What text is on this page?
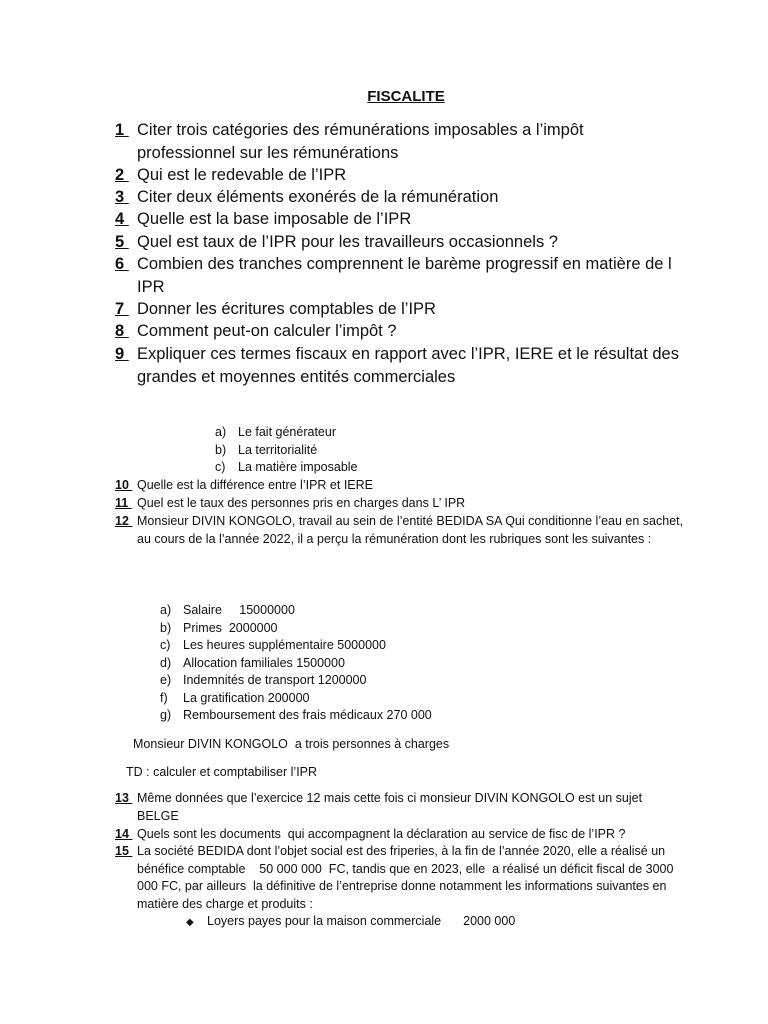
FISCALITE
1 Citer trois catégories des rémunérations imposables a l’impôt professionnel sur les rémunérations
2 Qui est le redevable de l’IPR
3 Citer deux éléments exonérés de la rémunération
4 Quelle est la base imposable de l’IPR
5 Quel est taux de l’IPR pour les travailleurs occasionnels ?
6 Combien des tranches comprennent le barème progressif en matière de l IPR
7 Donner les écritures comptables de l’IPR
8 Comment peut-on calculer l’impôt ?
9 Expliquer ces termes fiscaux en rapport avec l’IPR, IERE et le résultat des grandes et moyennes entités commerciales
a) Le fait générateur
b) La territorialité
c)	La matière imposable
10 Quelle est la différence entre l’IPR et IERE
11 Quel est le taux des personnes pris en charges dans L’ IPR
12 Monsieur DIVIN KONGOLO, travail au sein de l’entité BEDIDA SA Qui conditionne l’eau en sachet, au cours de la l’année 2022, il a perçu la rémunération dont les rubriques sont les suivantes :
a) Salaire     15000000
b) Primes  2000000
c)	Les heures supplémentaire 5000000
d) Allocation familiales 1500000
e) Indemnités de transport 1200000
f)	La gratification 200000
g) Remboursement des frais médicaux 270 000
Monsieur DIVIN KONGOLO  a trois personnes à charges
TD : calculer et comptabiliser l’IPR
13 Même données que l’exercice 12 mais cette fois ci monsieur DIVIN KONGOLO est un sujet BELGE
14 Quels sont les documents  qui accompagnent la déclaration au service de fisc de l’IPR ?
15 La société BEDIDA dont l’objet social est des friperies, à la fin de l’année 2020, elle a réalisé un bénéfice comptable    50 000 000  FC, tandis que en 2023, elle  a réalisé un déficit fiscal de 3000 000 FC, par ailleurs  la définitive de l’entreprise donne notamment les informations suivantes en matière des charge et produits :
◆	Loyers payes pour la maison commerciale 2000 000
